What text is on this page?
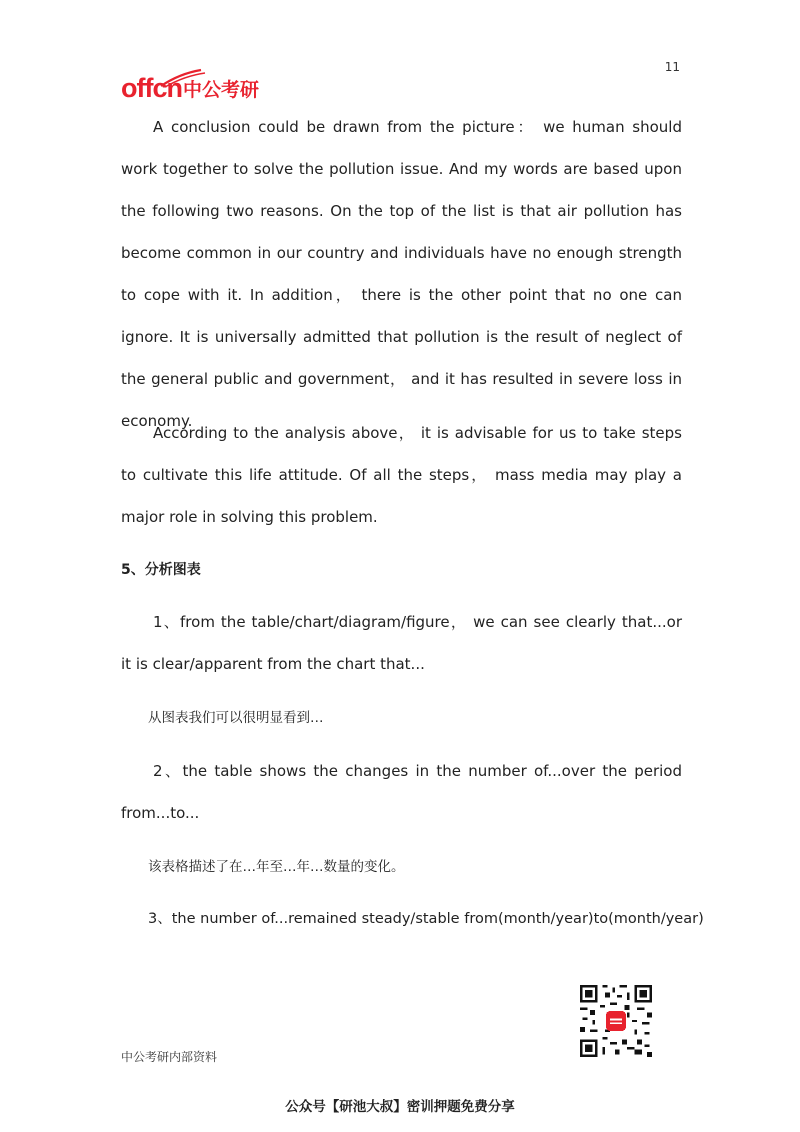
11
offcn 中公考研
A conclusion could be drawn from the picture： we human should work together to solve the pollution issue. And my words are based upon the following two reasons. On the top of the list is that air pollution has become common in our country and individuals have no enough strength to cope with it. In addition， there is the other point that no one can ignore. It is universally admitted that pollution is the result of neglect of the general public and government， and it has resulted in severe loss in economy.
According to the analysis above， it is advisable for us to take steps to cultivate this life attitude. Of all the steps， mass media may play a major role in solving this problem.
5、分析图表
1、from the table/chart/diagram/figure， we can see clearly that...or it is clear/apparent from the chart that...
从图表我们可以很明显看到…
2、the table shows the changes in the number of...over the period from...to...
该表格描述了在…年至…年…数量的变化。
3、the number of...remained steady/stable from(month/year)to(month/year)
中公考研内部资料
公众号【研池大叔】密训押题免费分享
